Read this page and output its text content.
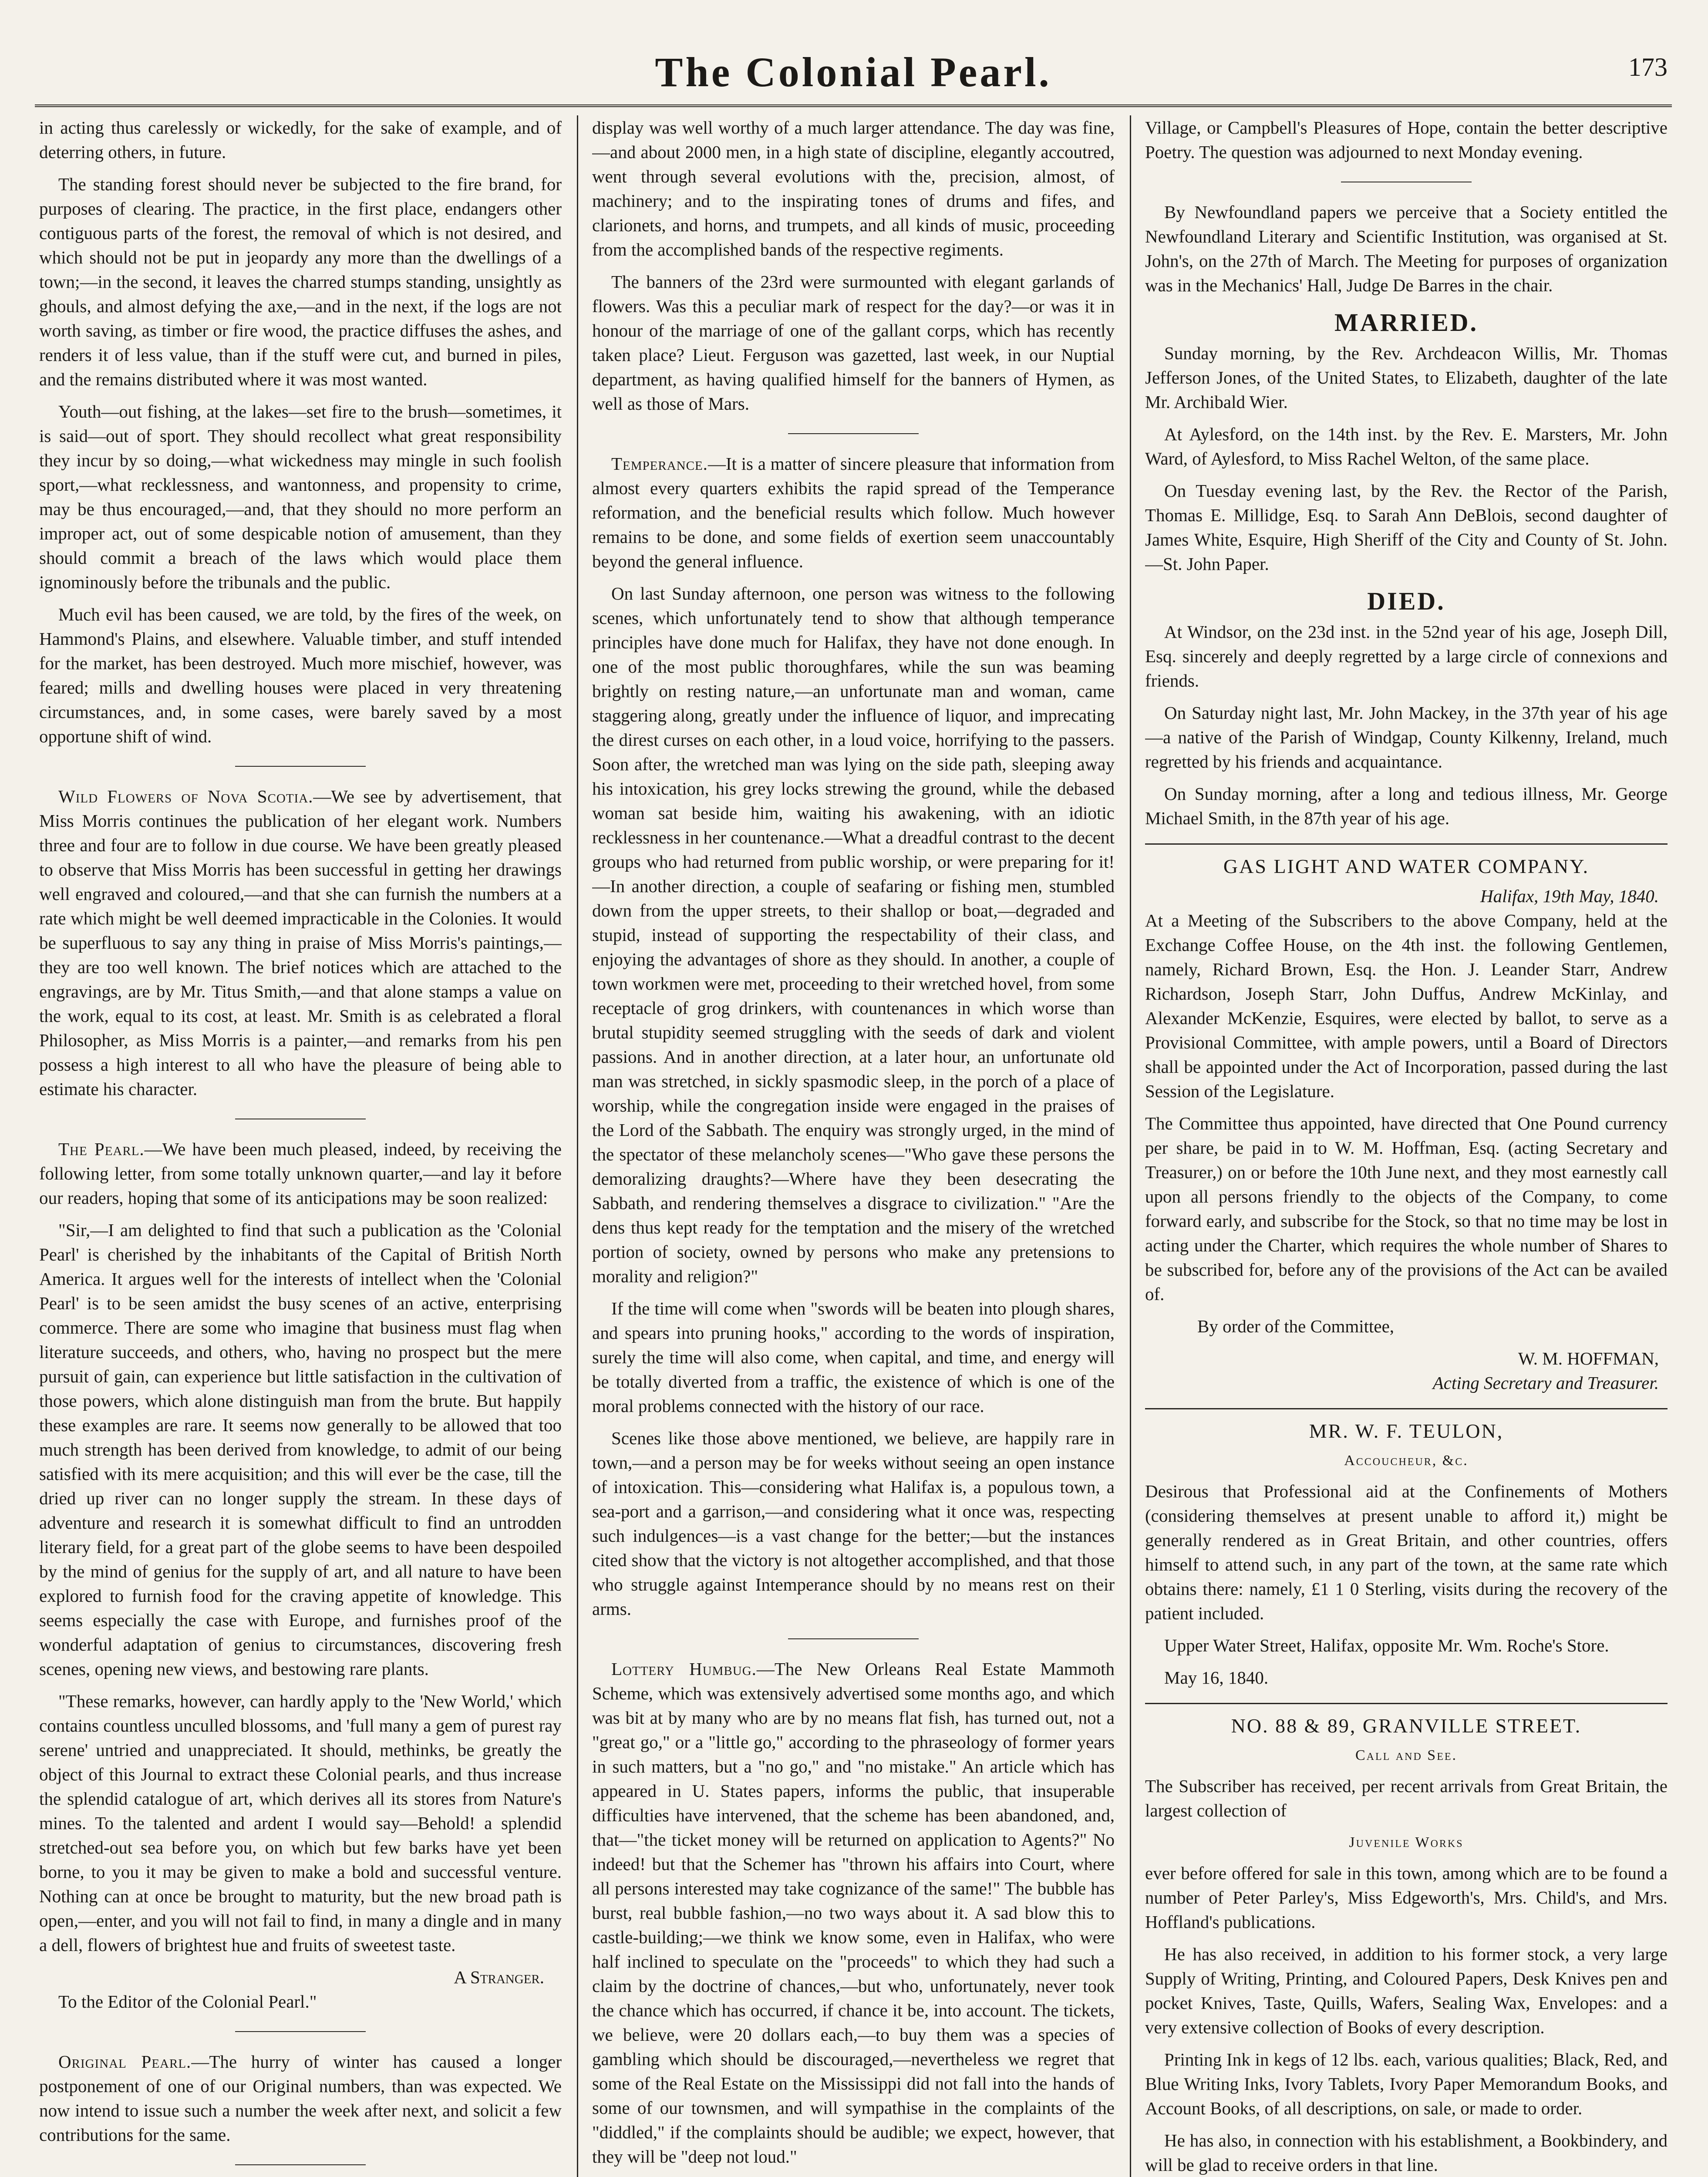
The Colonial Pearl.	173

in acting thus carelessly or wickedly, for the sake of example, and of deterring others, in future.

The standing forest should never be subjected to the fire brand, for purposes of clearing. The practice, in the first place, endangers other contiguous parts of the forest, the removal of which is not desired, and which should not be put in jeopardy any more than the dwellings of a town;—in the second, it leaves the charred stumps standing, unsightly as ghouls, and almost defying the axe,—and in the next, if the logs are not worth saving, as timber or fire wood, the practice diffuses the ashes, and renders it of less value, than if the stuff were cut, and burned in piles, and the remains distributed where it was most wanted.

Youth—out fishing, at the lakes—set fire to the brush—sometimes, it is said—out of sport. They should recollect what great responsibility they incur by so doing,—what wickedness may mingle in such foolish sport,—what recklessness, and wantonness, and propensity to crime, may be thus encouraged,—and, that they should no more perform an improper act, out of some despicable notion of amusement, than they should commit a breach of the laws which would place them ignominously before the tribunals and the public.

Much evil has been caused, we are told, by the fires of the week, on Hammond's Plains, and elsewhere. Valuable timber, and stuff intended for the market, has been destroyed. Much more mischief, however, was feared; mills and dwelling houses were placed in very threatening circumstances, and, in some cases, were barely saved by a most opportune shift of wind.

Wild Flowers of Nova Scotia.—We see by advertisement, that Miss Morris continues the publication of her elegant work. Numbers three and four are to follow in due course. We have been greatly pleased to observe that Miss Morris has been successful in getting her drawings well engraved and coloured,—and that she can furnish the numbers at a rate which might be well deemed impracticable in the Colonies. It would be superfluous to say any thing in praise of Miss Morris's paintings,—they are too well known. The brief notices which are attached to the engravings, are by Mr. Titus Smith,—and that alone stamps a value on the work, equal to its cost, at least. Mr. Smith is as celebrated a floral Philosopher, as Miss Morris is a painter,—and remarks from his pen possess a high interest to all who have the pleasure of being able to estimate his character.

The Pearl.—We have been much pleased, indeed, by receiving the following letter, from some totally unknown quarter,—and lay it before our readers, hoping that some of its anticipations may be soon realized:

"Sir,—I am delighted to find that such a publication as the 'Colonial Pearl' is cherished by the inhabitants of the Capital of British North America. It argues well for the interests of intellect when the 'Colonial Pearl' is to be seen amidst the busy scenes of an active, enterprising commerce. There are some who imagine that business must flag when literature succeeds, and others, who, having no prospect but the mere pursuit of gain, can experience but little satisfaction in the cultivation of those powers, which alone distinguish man from the brute. But happily these examples are rare. It seems now generally to be allowed that too much strength has been derived from knowledge, to admit of our being satisfied with its mere acquisition; and this will ever be the case, till the dried up river can no longer supply the stream. In these days of adventure and research it is somewhat difficult to find an untrodden literary field, for a great part of the globe seems to have been despoiled by the mind of genius for the supply of art, and all nature to have been explored to furnish food for the craving appetite of knowledge. This seems especially the case with Europe, and furnishes proof of the wonderful adaptation of genius to circumstances, discovering fresh scenes, opening new views, and bestowing rare plants.

"These remarks, however, can hardly apply to the 'New World,' which contains countless unculled blossoms, and 'full many a gem of purest ray serene' untried and unappreciated. It should, methinks, be greatly the object of this Journal to extract these Colonial pearls, and thus increase the splendid catalogue of art, which derives all its stores from Nature's mines. To the talented and ardent I would say—Behold! a splendid stretched-out sea before you, on which but few barks have yet been borne, to you it may be given to make a bold and successful venture. Nothing can at once be brought to maturity, but the new broad path is open,—enter, and you will not fail to find, in many a dingle and in many a dell, flowers of brightest hue and fruits of sweetest taste.

A Stranger.

To the Editor of the Colonial Pearl."

Original Pearl.—The hurry of winter has caused a longer postponement of one of our Original numbers, than was expected. We now intend to issue such a number the week after next, and solicit a few contributions for the same.

display was well worthy of a much larger attendance. The day was fine,—and about 2000 men, in a high state of discipline, elegantly accoutred, went through several evolutions with the, precision, almost, of machinery; and to the inspirating tones of drums and fifes, and clarionets, and horns, and trumpets, and all kinds of music, proceeding from the accomplished bands of the respective regiments.

The banners of the 23rd were surmounted with elegant garlands of flowers. Was this a peculiar mark of respect for the day?—or was it in honour of the marriage of one of the gallant corps, which has recently taken place? Lieut. Ferguson was gazetted, last week, in our Nuptial department, as having qualified himself for the banners of Hymen, as well as those of Mars.

Temperance.—It is a matter of sincere pleasure that information from almost every quarters exhibits the rapid spread of the Temperance reformation, and the beneficial results which follow. Much however remains to be done, and some fields of exertion seem unaccountably beyond the general influence.

On last Sunday afternoon, one person was witness to the following scenes, which unfortunately tend to show that although temperance principles have done much for Halifax, they have not done enough. In one of the most public thoroughfares, while the sun was beaming brightly on resting nature,—an unfortunate man and woman, came staggering along, greatly under the influence of liquor, and imprecating the direst curses on each other, in a loud voice, horrifying to the passers. Soon after, the wretched man was lying on the side path, sleeping away his intoxication, his grey locks strewing the ground, while the debased woman sat beside him, waiting his awakening, with an idiotic recklessness in her countenance.—What a dreadful contrast to the decent groups who had returned from public worship, or were preparing for it!—In another direction, a couple of seafaring or fishing men, stumbled down from the upper streets, to their shallop or boat,—degraded and stupid, instead of supporting the respectability of their class, and enjoying the advantages of shore as they should. In another, a couple of town workmen were met, proceeding to their wretched hovel, from some receptacle of grog drinkers, with countenances in which worse than brutal stupidity seemed struggling with the seeds of dark and violent passions. And in another direction, at a later hour, an unfortunate old man was stretched, in sickly spasmodic sleep, in the porch of a place of worship, while the congregation inside were engaged in the praises of the Lord of the Sabbath. The enquiry was strongly urged, in the mind of the spectator of these melancholy scenes—"Who gave these persons the demoralizing draughts?—Where have they been desecrating the Sabbath, and rendering themselves a disgrace to civilization." "Are the dens thus kept ready for the temptation and the misery of the wretched portion of society, owned by persons who make any pretensions to morality and religion?"

If the time will come when "swords will be beaten into plough shares, and spears into pruning hooks," according to the words of inspiration, surely the time will also come, when capital, and time, and energy will be totally diverted from a traffic, the existence of which is one of the moral problems connected with the history of our race.

Scenes like those above mentioned, we believe, are happily rare in town,—and a person may be for weeks without seeing an open instance of intoxication. This—considering what Halifax is, a populous town, a sea-port and a garrison,—and considering what it once was, respecting such indulgences—is a vast change for the better;—but the instances cited show that the victory is not altogether accomplished, and that those who struggle against Intemperance should by no means rest on their arms.

Lottery Humbug.—The New Orleans Real Estate Mammoth Scheme, which was extensively advertised some months ago, and which was bit at by many who are by no means flat fish, has turned out, not a "great go," or a "little go," according to the phraseology of former years in such matters, but a "no go," and "no mistake." An article which has appeared in U. States papers, informs the public, that insuperable difficulties have intervened, that the scheme has been abandoned, and, that—"the ticket money will be returned on application to Agents?" No indeed! but that the Schemer has "thrown his affairs into Court, where all persons interested may take cognizance of the same!" The bubble has burst, real bubble fashion,—no two ways about it. A sad blow this to castle-building;—we think we know some, even in Halifax, who were half inclined to speculate on the "proceeds" to which they had such a claim by the doctrine of chances,—but who, unfortunately, never took the chance which has occurred, if chance it be, into account. The tickets, we believe, were 20 dollars each,—to buy them was a species of gambling which should be discouraged,—nevertheless we regret that some of the Real Estate on the Mississippi did not fall into the hands of some of our townsmen, and will sympathise in the complaints of the "diddled," if the complaints should be audible; we expect, however, that they will be "deep not loud."

Village, or Campbell's Pleasures of Hope, contain the better descriptive Poetry. The question was adjourned to next Monday evening.

By Newfoundland papers we perceive that a Society entitled the Newfoundland Literary and Scientific Institution, was organised at St. John's, on the 27th of March. The Meeting for purposes of organization was in the Mechanics' Hall, Judge De Barres in the chair.

MARRIED.

Sunday morning, by the Rev. Archdeacon Willis, Mr. Thomas Jefferson Jones, of the United States, to Elizabeth, daughter of the late Mr. Archibald Wier.

At Aylesford, on the 14th inst. by the Rev. E. Marsters, Mr. John Ward, of Aylesford, to Miss Rachel Welton, of the same place.

On Tuesday evening last, by the Rev. the Rector of the Parish, Thomas E. Millidge, Esq. to Sarah Ann DeBlois, second daughter of James White, Esquire, High Sheriff of the City and County of St. John.—St. John Paper.

DIED.

At Windsor, on the 23d inst. in the 52nd year of his age, Joseph Dill, Esq. sincerely and deeply regretted by a large circle of connexions and friends.

On Saturday night last, Mr. John Mackey, in the 37th year of his age—a native of the Parish of Windgap, County Kilkenny, Ireland, much regretted by his friends and acquaintance.

On Sunday morning, after a long and tedious illness, Mr. George Michael Smith, in the 87th year of his age.

GAS LIGHT AND WATER COMPANY.
Halifax, 19th May, 1840.

At a Meeting of the Subscribers to the above Company, held at the Exchange Coffee House, on the 4th inst. the following Gentlemen, namely, Richard Brown, Esq. the Hon. J. Leander Starr, Andrew Richardson, Joseph Starr, John Duffus, Andrew McKinlay, and Alexander McKenzie, Esquires, were elected by ballot, to serve as a Provisional Committee, with ample powers, until a Board of Directors shall be appointed under the Act of Incorporation, passed during the last Session of the Legislature.

The Committee thus appointed, have directed that One Pound currency per share, be paid in to W. M. Hoffman, Esq. (acting Secretary and Treasurer,) on or before the 10th June next, and they most earnestly call upon all persons friendly to the objects of the Company, to come forward early, and subscribe for the Stock, so that no time may be lost in acting under the Charter, which requires the whole number of Shares to be subscribed for, before any of the provisions of the Act can be availed of.

By order of the Committee,

W. M. HOFFMAN,
Acting Secretary and Treasurer.
MR. W. F. TEULON,
Accoucheur, &c.

Desirous that Professional aid at the Confinements of Mothers (considering themselves at present unable to afford it,) might be generally rendered as in Great Britain, and other countries, offers himself to attend such, in any part of the town, at the same rate which obtains there: namely, £1 1 0 Sterling, visits during the recovery of the patient included.

Upper Water Street, Halifax, opposite Mr. Wm. Roche's Store.

May 16, 1840.

NO. 88 & 89, GRANVILLE STREET.
Call and See.

The Subscriber has received, per recent arrivals from Great Britain, the largest collection of

Juvenile Works

ever before offered for sale in this town, among which are to be found a number of Peter Parley's, Miss Edgeworth's, Mrs. Child's, and Mrs. Hoffland's publications.

He has also received, in addition to his former stock, a very large Supply of Writing, Printing, and Coloured Papers, Desk Knives pen and pocket Knives, Taste, Quills, Wafers, Sealing Wax, Envelopes: and a very extensive collection of Books of every description.

Printing Ink in kegs of 12 lbs. each, various qualities; Black, Red, and Blue Writing Inks, Ivory Tablets, Ivory Paper Memorandum Books, and Account Books, of all descriptions, on sale, or made to order.

He has also, in connection with his establishment, a Bookbindery, and will be glad to receive orders in that line.
